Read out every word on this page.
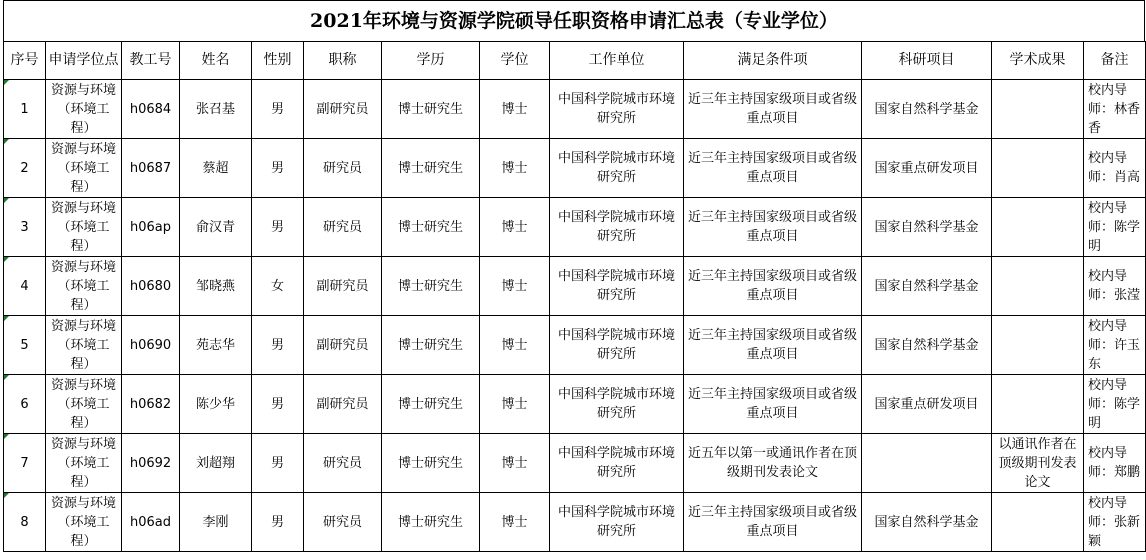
2021年环境与资源学院硕导任职资格申请汇总表（专业学位）
序号	申请学位点	教工号	姓名	性别	职称	学历	学位	工作单位	满足条件项	科研项目	学术成果	备注
1	资源与环境（环境工程）	h0684	张召基	男	副研究员	博士研究生	博士	中国科学院城市环境研究所	近三年主持国家级项目或省级重点项目	国家自然科学基金		校内导师：林香香
2	资源与环境（环境工程）	h0687	蔡超	男	研究员	博士研究生	博士	中国科学院城市环境研究所	近三年主持国家级项目或省级重点项目	国家重点研发项目		校内导师：肖高
3	资源与环境（环境工程）	h06ap	俞汉青	男	研究员	博士研究生	博士	中国科学院城市环境研究所	近三年主持国家级项目或省级重点项目	国家自然科学基金		校内导师：陈学明
4	资源与环境（环境工程）	h0680	邹晓燕	女	副研究员	博士研究生	博士	中国科学院城市环境研究所	近三年主持国家级项目或省级重点项目	国家自然科学基金		校内导师：张滢
5	资源与环境（环境工程）	h0690	苑志华	男	副研究员	博士研究生	博士	中国科学院城市环境研究所	近三年主持国家级项目或省级重点项目	国家自然科学基金		校内导师：许玉东
6	资源与环境（环境工程）	h0682	陈少华	男	副研究员	博士研究生	博士	中国科学院城市环境研究所	近三年主持国家级项目或省级重点项目	国家重点研发项目		校内导师：陈学明
7	资源与环境（环境工程）	h0692	刘超翔	男	研究员	博士研究生	博士	中国科学院城市环境研究所	近五年以第一或通讯作者在顶级期刊发表论文		以通讯作者在顶级期刊发表论文	校内导师：郑鹏
8	资源与环境（环境工程）	h06ad	李刚	男	研究员	博士研究生	博士	中国科学院城市环境研究所	近三年主持国家级项目或省级重点项目	国家自然科学基金		校内导师：张新颖
